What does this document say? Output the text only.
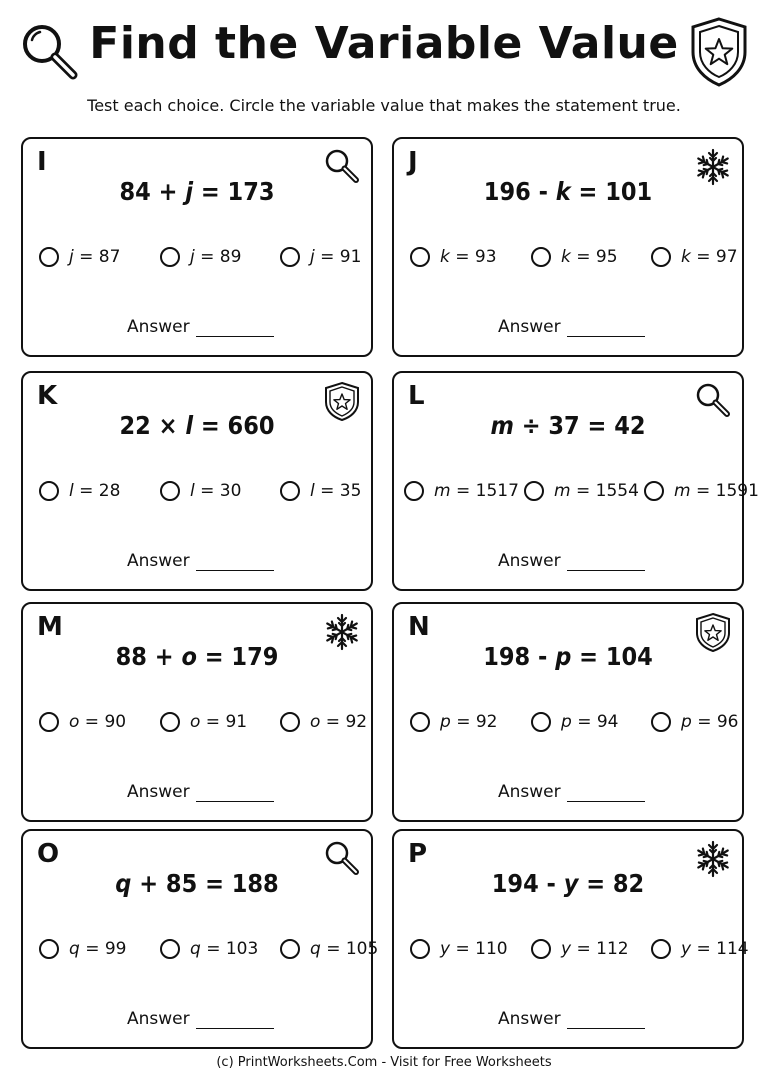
Find the Variable Value

Test each choice. Circle the variable value that makes the statement true.

I

84 + j = 173

j = 87	j = 89	j = 91
Answer
J

196 - k = 101

k = 93	k = 95	k = 97
Answer
K

22 × l = 660

l = 28	l = 30	l = 35
Answer
L

m ÷ 37 = 42

m = 1517 m = 1554 m = 1591
Answer
M

88 + o = 179

o = 90	o = 91	o = 92
Answer
N

198 - p = 104

p = 92	p = 94	p = 96
Answer
O

q + 85 = 188

q = 99	q = 103	q = 105
Answer
P

194 - y = 82

y = 110	y = 112	y = 114
Answer
(c) PrintWorksheets.Com - Visit for Free Worksheets
